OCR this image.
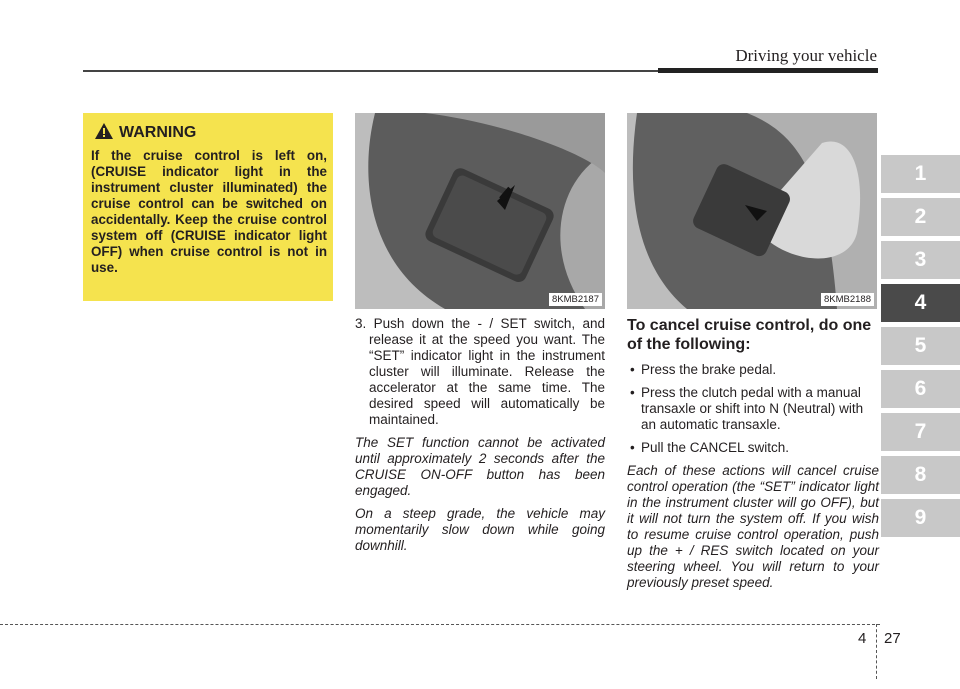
Driving your vehicle
1
2
3
4
5
6
7
8
9
WARNING
If the cruise control is left on, (CRUISE indicator light in the instrument cluster illuminated) the cruise control can be switched on accidentally. Keep the cruise control system off (CRUISE indicator light OFF) when cruise control is not in use.
8KMB2187	8KMB2188

3. Push down the - / SET switch, and release it at the speed you want. The “SET” indicator light in the instrument cluster will illuminate. Release the accelerator at the same time. The desired speed will automatically be maintained.

The SET function cannot be activated until approximately 2 seconds after the CRUISE ON-OFF button has been engaged.

On a steep grade, the vehicle may momentarily slow down while going downhill.

To cancel cruise control, do one of the following:

• Press the brake pedal.

• Press the clutch pedal with a manual transaxle or shift into N (Neutral) with an automatic transaxle.

• Pull the CANCEL switch.

Each of these actions will cancel cruise control operation (the “SET” indicator light in the instrument cluster will go OFF), but it will not turn the system off. If you wish to resume cruise control operation, push up the + / RES switch located on your steering wheel. You will return to your previously preset speed.

4 27
